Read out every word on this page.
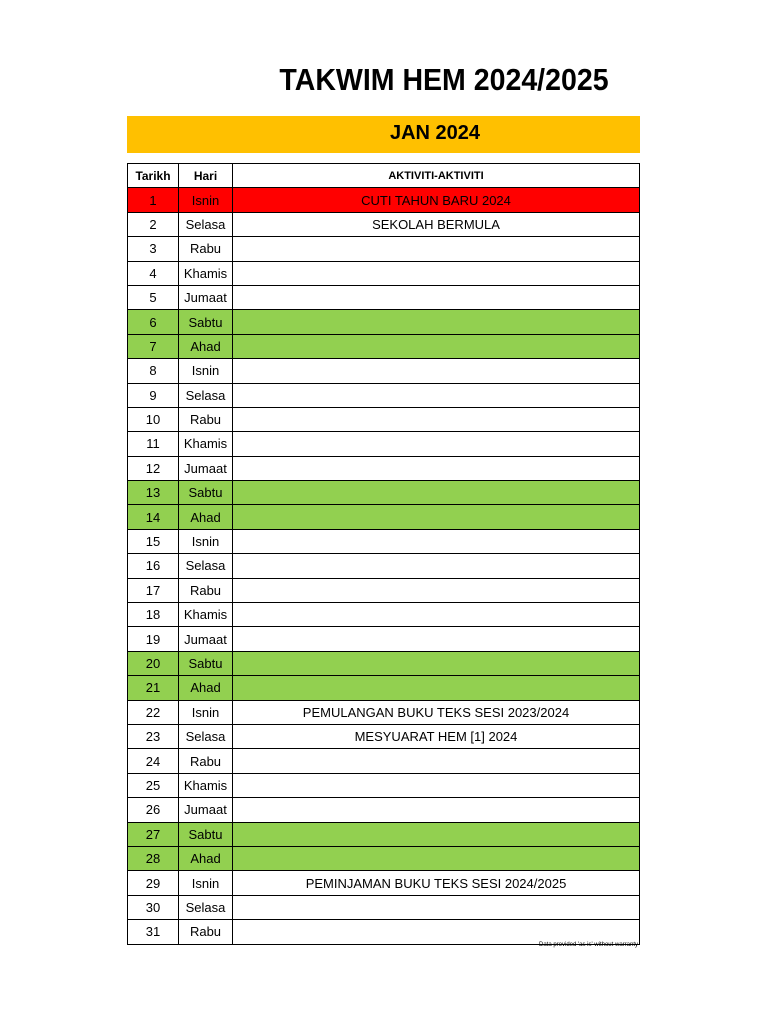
TAKWIM HEM 2024/2025
JAN 2024
Tarikh	Hari	AKTIVITI-AKTIVITI
1	Isnin	CUTI TAHUN BARU 2024
2	Selasa	SEKOLAH BERMULA
3	Rabu	
4	Khamis	
5	Jumaat	
6	Sabtu	
7	Ahad	
8	Isnin	
9	Selasa	
10	Rabu	
11	Khamis	
12	Jumaat	
13	Sabtu	
14	Ahad	
15	Isnin	
16	Selasa	
17	Rabu	
18	Khamis	
19	Jumaat	
20	Sabtu	
21	Ahad	
22	Isnin	PEMULANGAN BUKU TEKS SESI 2023/2024
23	Selasa	MESYUARAT HEM [1] 2024
24	Rabu	
25	Khamis	
26	Jumaat	
27	Sabtu	
28	Ahad	
29	Isnin	PEMINJAMAN BUKU TEKS SESI 2024/2025
30	Selasa	
31	Rabu	
Data provided 'as is' without warranty
